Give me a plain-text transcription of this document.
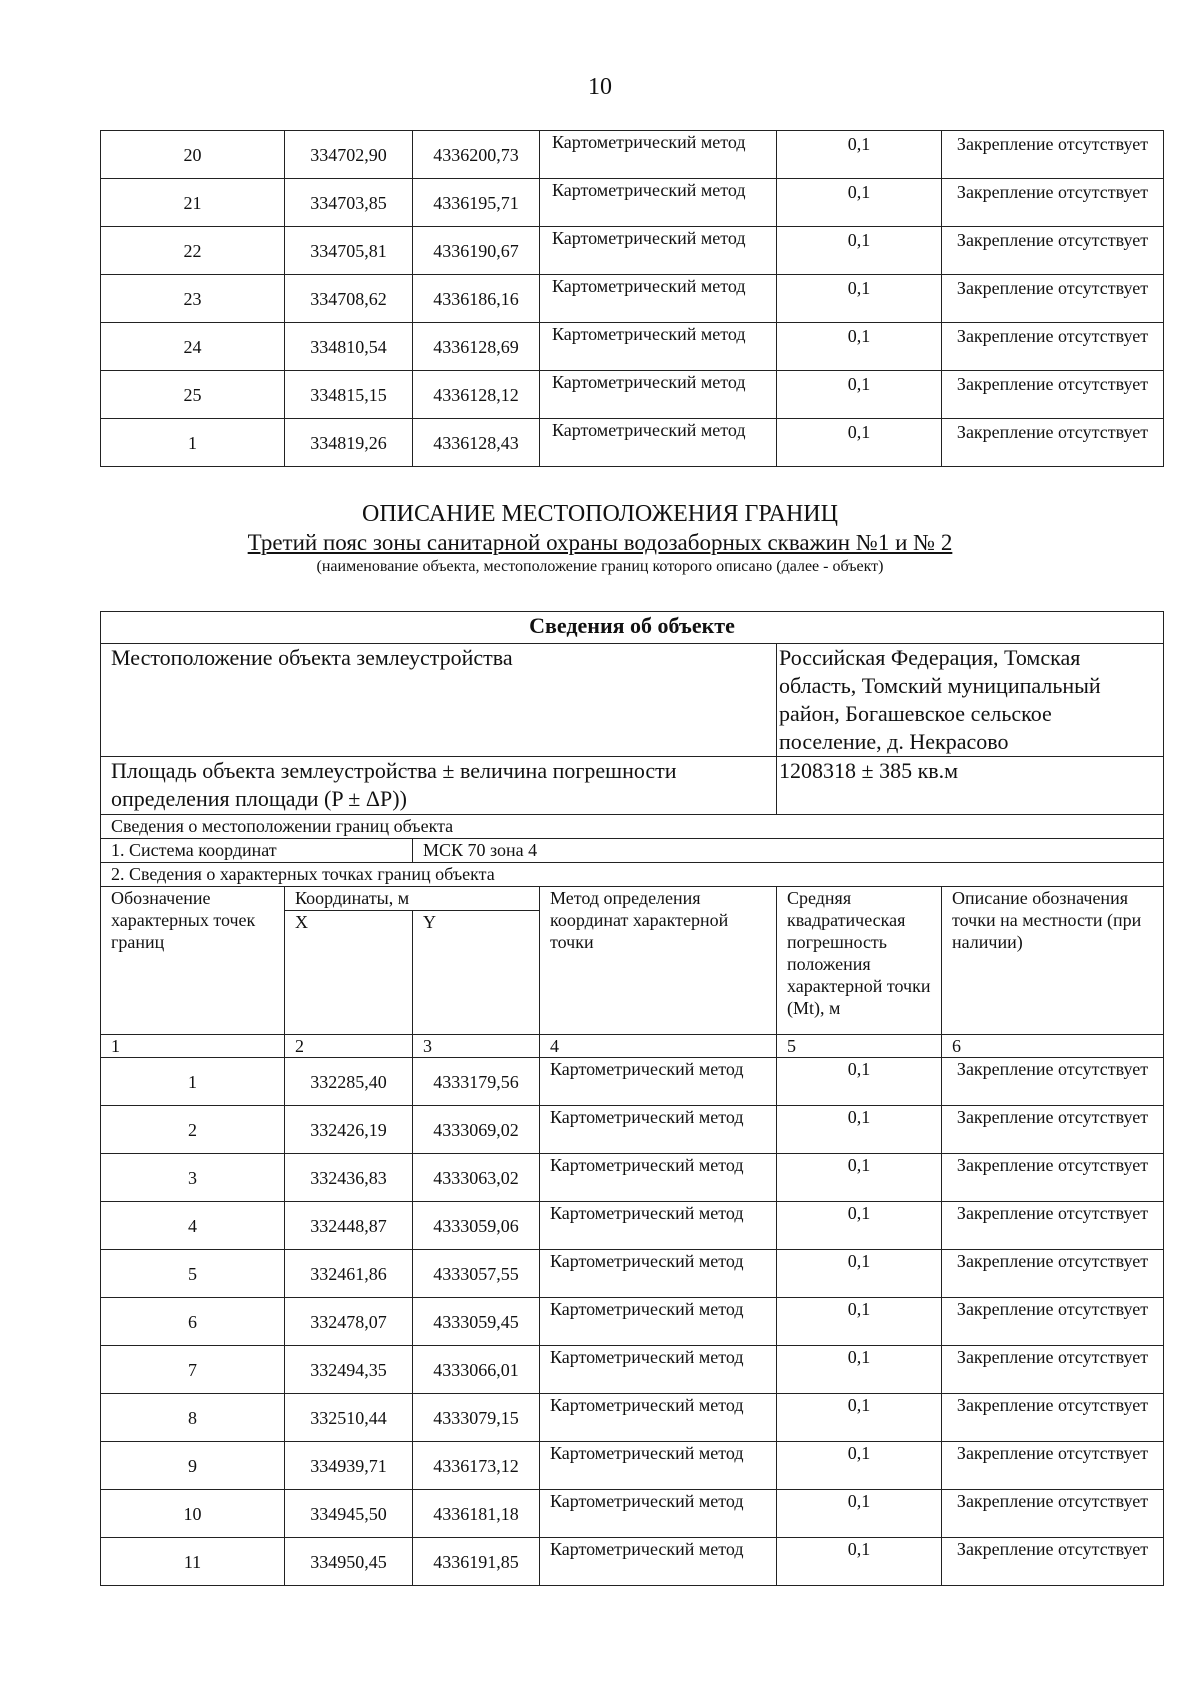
10
20	334702,90	4336200,73	Картометрический метод	0,1	Закрепление отсутствует
21	334703,85	4336195,71	Картометрический метод	0,1	Закрепление отсутствует
22	334705,81	4336190,67	Картометрический метод	0,1	Закрепление отсутствует
23	334708,62	4336186,16	Картометрический метод	0,1	Закрепление отсутствует
24	334810,54	4336128,69	Картометрический метод	0,1	Закрепление отсутствует
25	334815,15	4336128,12	Картометрический метод	0,1	Закрепление отсутствует
1	334819,26	4336128,43	Картометрический метод	0,1	Закрепление отсутствует
ОПИСАНИЕ МЕСТОПОЛОЖЕНИЯ ГРАНИЦ
Третий пояс зоны санитарной охраны водозаборных скважин №1 и № 2
(наименование объекта, местоположение границ которого описано (далее - объект)
Сведения об объекте					
Местоположение объекта землеустройства				Российская Федерация, Томская область, Томский муниципальный район, Богашевское сельское поселение, д. Некрасово	
Площадь объекта землеустройства ± величина погрешности определения площади (P ± ΔP))				1208318 ± 385 кв.м	
Сведения о местоположении границ объекта					
1. Система координат		МСК 70 зона 4			
2. Сведения о характерных точках границ объекта					
Обозначение характерных точек границ	Координаты, м		Метод определения координат характерной точки	Средняя квадратическая погрешность положения характерной точки (Mt), м	Описание обозначения точки на местности (при наличии)
	X	Y			
1	2	3	4	5	6
1	332285,40	4333179,56	Картометрический метод	0,1	Закрепление отсутствует
2	332426,19	4333069,02	Картометрический метод	0,1	Закрепление отсутствует
3	332436,83	4333063,02	Картометрический метод	0,1	Закрепление отсутствует
4	332448,87	4333059,06	Картометрический метод	0,1	Закрепление отсутствует
5	332461,86	4333057,55	Картометрический метод	0,1	Закрепление отсутствует
6	332478,07	4333059,45	Картометрический метод	0,1	Закрепление отсутствует
7	332494,35	4333066,01	Картометрический метод	0,1	Закрепление отсутствует
8	332510,44	4333079,15	Картометрический метод	0,1	Закрепление отсутствует
9	334939,71	4336173,12	Картометрический метод	0,1	Закрепление отсутствует
10	334945,50	4336181,18	Картометрический метод	0,1	Закрепление отсутствует
11	334950,45	4336191,85	Картометрический метод	0,1	Закрепление отсутствует
